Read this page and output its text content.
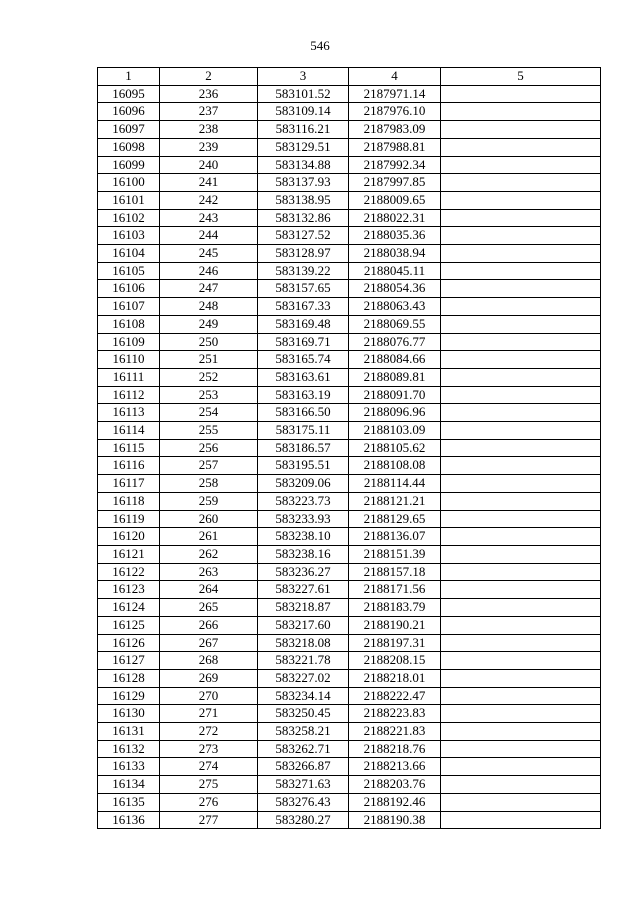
546
1	2	3	4	5
16095	236	583101.52	2187971.14	
16096	237	583109.14	2187976.10	
16097	238	583116.21	2187983.09	
16098	239	583129.51	2187988.81	
16099	240	583134.88	2187992.34	
16100	241	583137.93	2187997.85	
16101	242	583138.95	2188009.65	
16102	243	583132.86	2188022.31	
16103	244	583127.52	2188035.36	
16104	245	583128.97	2188038.94	
16105	246	583139.22	2188045.11	
16106	247	583157.65	2188054.36	
16107	248	583167.33	2188063.43	
16108	249	583169.48	2188069.55	
16109	250	583169.71	2188076.77	
16110	251	583165.74	2188084.66	
16111	252	583163.61	2188089.81	
16112	253	583163.19	2188091.70	
16113	254	583166.50	2188096.96	
16114	255	583175.11	2188103.09	
16115	256	583186.57	2188105.62	
16116	257	583195.51	2188108.08	
16117	258	583209.06	2188114.44	
16118	259	583223.73	2188121.21	
16119	260	583233.93	2188129.65	
16120	261	583238.10	2188136.07	
16121	262	583238.16	2188151.39	
16122	263	583236.27	2188157.18	
16123	264	583227.61	2188171.56	
16124	265	583218.87	2188183.79	
16125	266	583217.60	2188190.21	
16126	267	583218.08	2188197.31	
16127	268	583221.78	2188208.15	
16128	269	583227.02	2188218.01	
16129	270	583234.14	2188222.47	
16130	271	583250.45	2188223.83	
16131	272	583258.21	2188221.83	
16132	273	583262.71	2188218.76	
16133	274	583266.87	2188213.66	
16134	275	583271.63	2188203.76	
16135	276	583276.43	2188192.46	
16136	277	583280.27	2188190.38	
